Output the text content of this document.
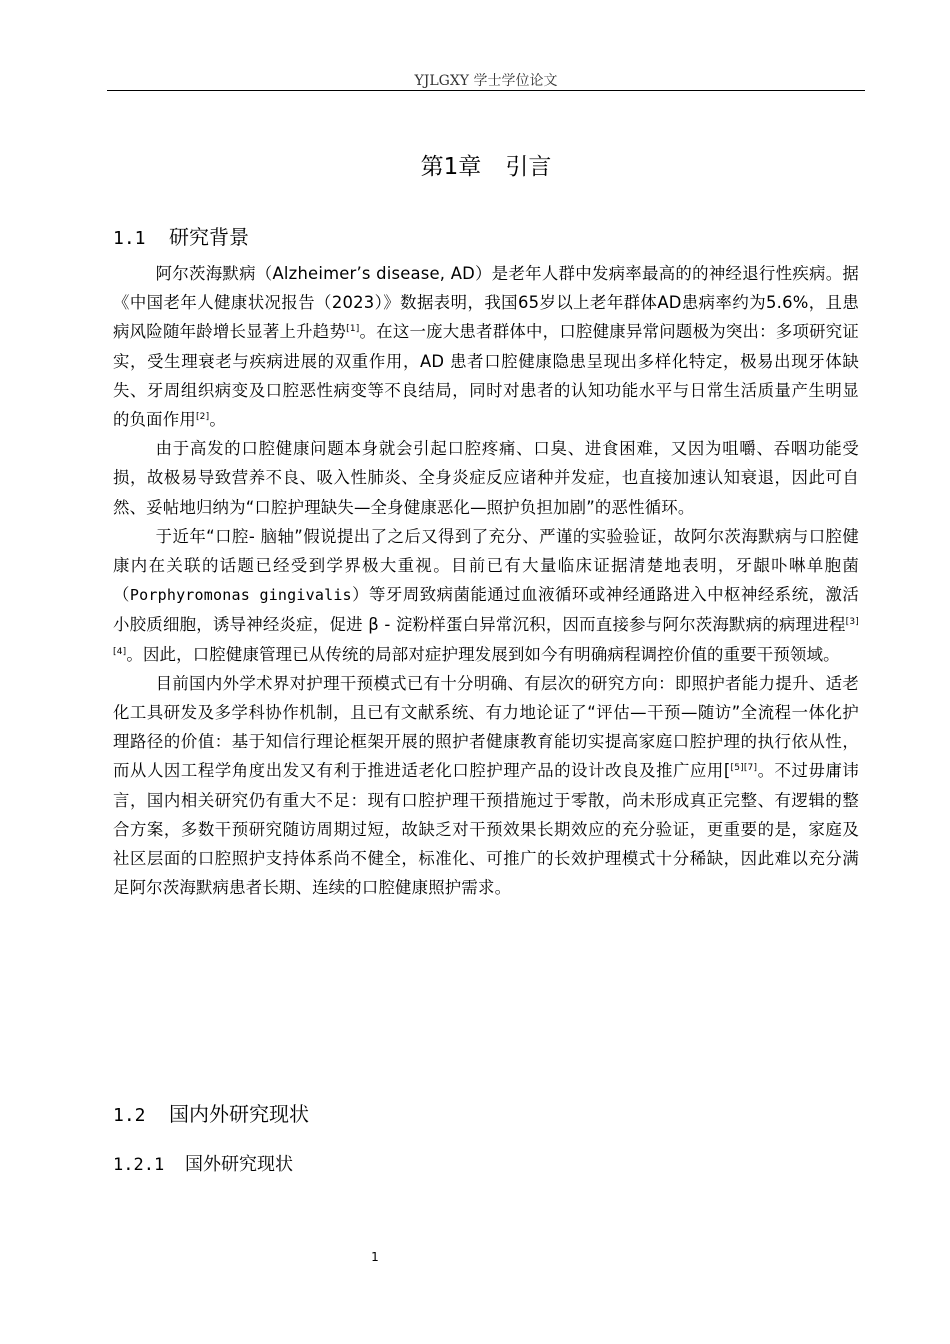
YJLGXY 学士学位论文
第1章 引言
1.1 研究背景

阿尔茨海默病（Alzheimer’s disease, AD）是老年人群中发病率最高的的神经退行性疾病。据《中国老年人健康状况报告（2023）》数据表明，我国65岁以上老年群体AD患病率约为5.6%，且患病风险随年龄增长显著上升趋势[1]。在这一庞大患者群体中，口腔健康异常问题极为突出：多项研究证实，受生理衰老与疾病进展的双重作用，AD 患者口腔健康隐患呈现出多样化特定，极易出现牙体缺失、牙周组织病变及口腔恶性病变等不良结局，同时对患者的认知功能水平与日常生活质量产生明显的负面作用[2]。

由于高发的口腔健康问题本身就会引起口腔疼痛、口臭、进食困难，又因为咀嚼、吞咽功能受损，故极易导致营养不良、吸入性肺炎、全身炎症反应诸种并发症，也直接加速认知衰退，因此可自然、妥帖地归纳为“口腔护理缺失—全身健康恶化—照护负担加剧”的恶性循环。

于近年“口腔- 脑轴”假说提出了之后又得到了充分、严谨的实验验证，故阿尔茨海默病与口腔健康内在关联的话题已经受到学界极大重视。目前已有大量临床证据清楚地表明，牙龈卟啉单胞菌（Porphyromonas gingivalis）等牙周致病菌能通过血液循环或神经通路进入中枢神经系统，激活小胶质细胞，诱导神经炎症，促进 β - 淀粉样蛋白异常沉积，因而直接参与阿尔茨海默病的病理进程[3][4]。因此，口腔健康管理已从传统的局部对症护理发展到如今有明确病程调控价值的重要干预领域。

目前国内外学术界对护理干预模式已有十分明确、有层次的研究方向：即照护者能力提升、适老化工具研发及多学科协作机制，且已有文献系统、有力地论证了“评估—干预—随访”全流程一体化护理路径的价值：基于知信行理论框架开展的照护者健康教育能切实提高家庭口腔护理的执行依从性，而从人因工程学角度出发又有利于推进适老化口腔护理产品的设计改良及推广应用[[5][7]。不过毋庸讳言，国内相关研究仍有重大不足：现有口腔护理干预措施过于零散，尚未形成真正完整、有逻辑的整合方案，多数干预研究随访周期过短，故缺乏对干预效果长期效应的充分验证，更重要的是，家庭及社区层面的口腔照护支持体系尚不健全，标准化、可推广的长效护理模式十分稀缺，因此难以充分满足阿尔茨海默病患者长期、连续的口腔健康照护需求。

1.2 国内外研究现状
1.2.1 国外研究现状
1
